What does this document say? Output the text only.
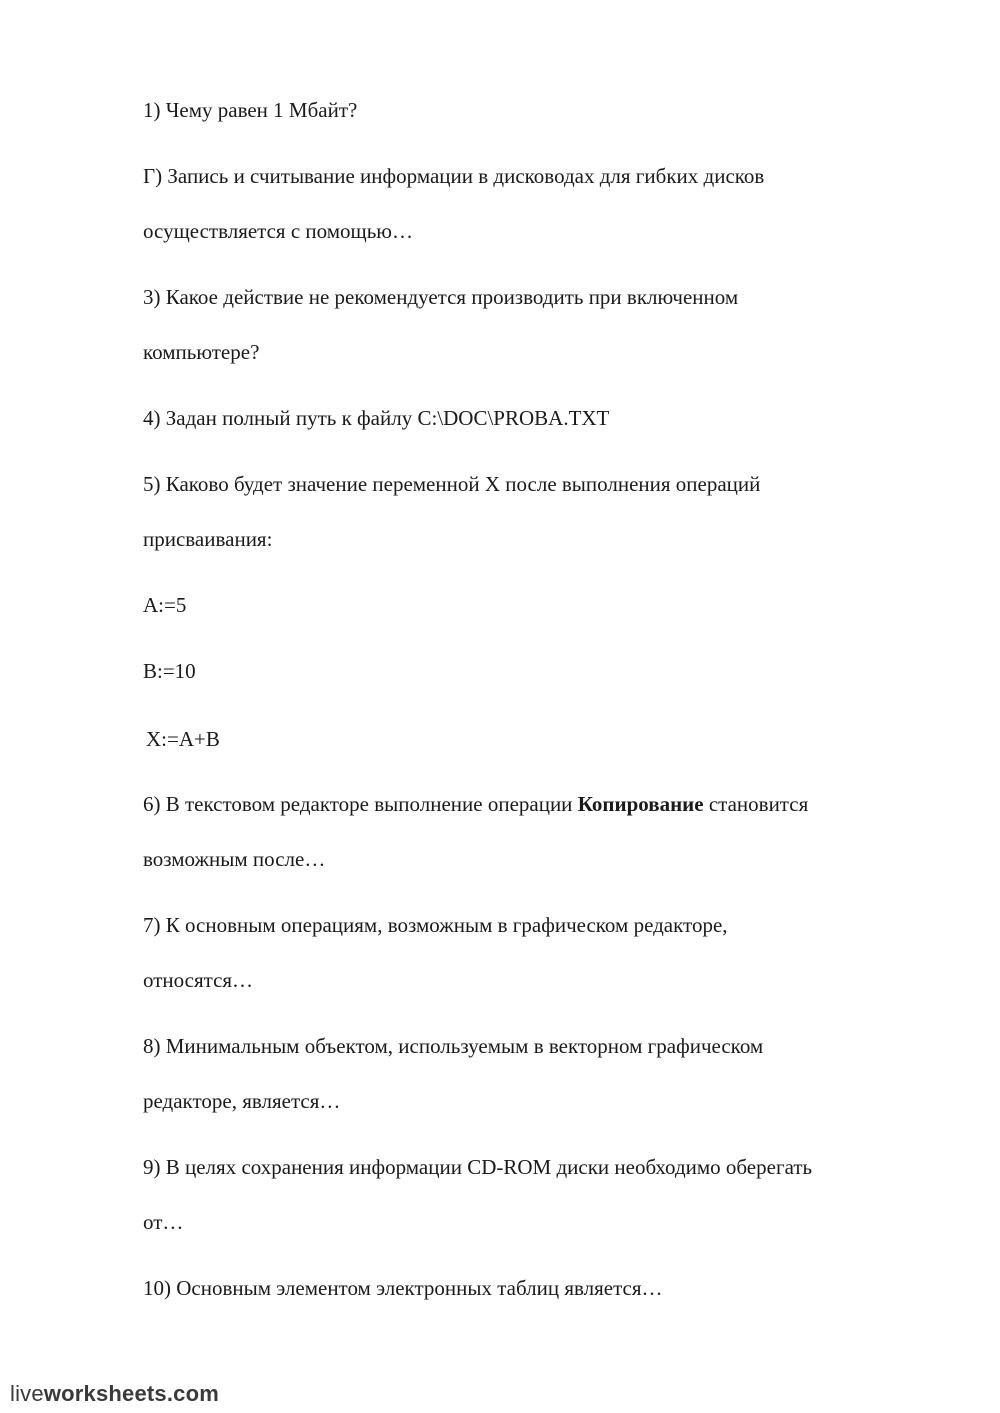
1) Чему равен 1 Мбайт?
Г) Запись и считывание информации в дисководах для гибких дисков
осуществляется с помощью…
3) Какое действие не рекомендуется производить при включенном
компьютере?
4) Задан полный путь к файлу C:\DOC\PROBA.TXT
5) Каково будет значение переменной X после выполнения операций
присваивания:
A:=5
B:=10
X:=A+B
6) В текстовом редакторе выполнение операции Копирование становится
возможным после…
7) К основным операциям, возможным в графическом редакторе,
относятся…
8) Минимальным объектом, используемым в векторном графическом
редакторе, является…
9) В целях сохранения информации CD-ROM диски необходимо оберегать
от…
10) Основным элементом электронных таблиц является…
liveworksheets.com
